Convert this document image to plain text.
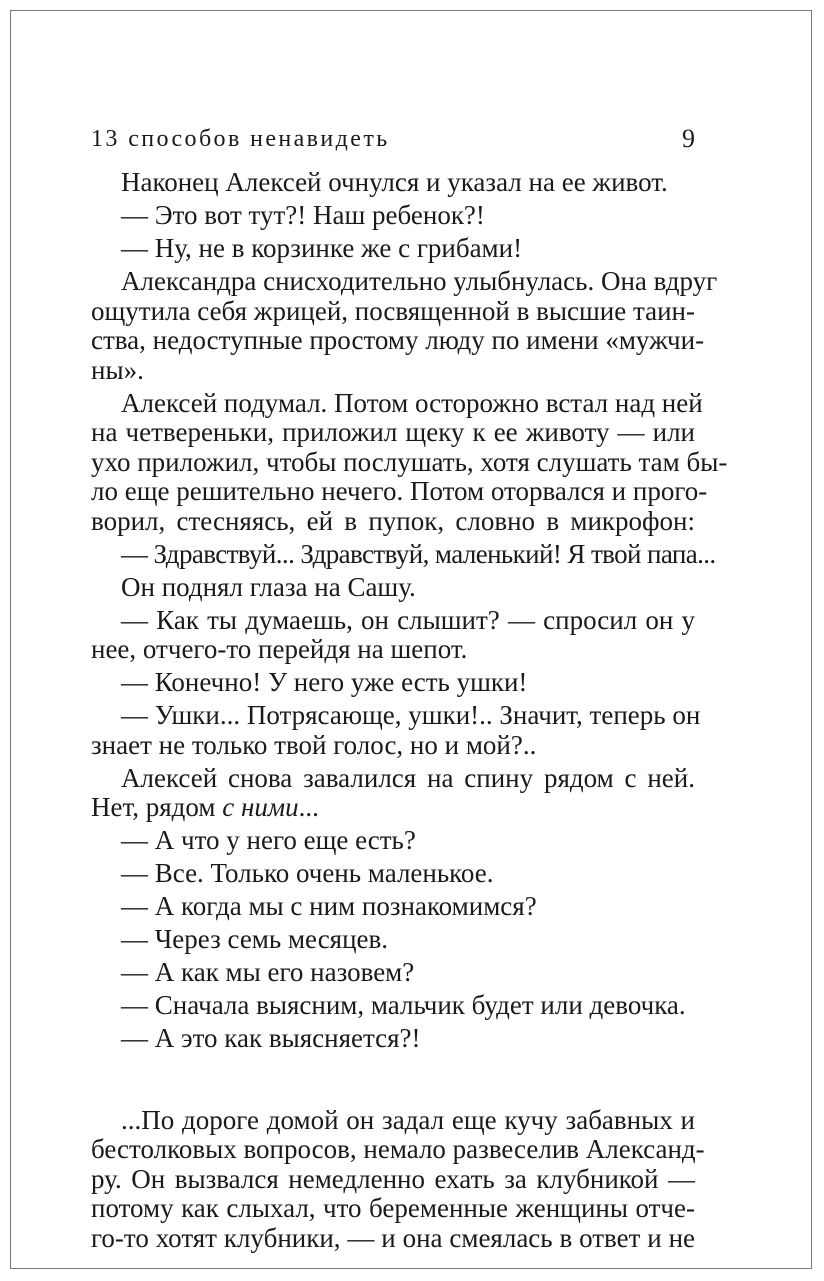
13 способов ненавидеть	9
Наконец Алексей очнулся и указал на ее живот.
— Это вот тут?! Наш ребенок?!
— Ну, не в корзинке же с грибами!
Александра снисходительно улыбнулась. Она вдруг
ощутила себя жрицей, посвященной в высшие таин-
ства, недоступные простому люду по имени «мужчи-
ны».
Алексей подумал. Потом осторожно встал над ней
на четвереньки, приложил щеку к ее животу — или
ухо приложил, чтобы послушать, хотя слушать там бы-
ло еще решительно нечего. Потом оторвался и прого-
ворил, стесняясь, ей в пупок, словно в микрофон:
— Здравствуй... Здравствуй, маленький! Я твой папа...
Он поднял глаза на Сашу.
— Как ты думаешь, он слышит? — спросил он у
нее, отчего-то перейдя на шепот.
— Конечно! У него уже есть ушки!
— Ушки... Потрясающе, ушки!.. Значит, теперь он
знает не только твой голос, но и мой?..
Алексей снова завалился на спину рядом с ней.
Нет, рядом с ними...
— А что у него еще есть?
— Все. Только очень маленькое.
— А когда мы с ним познакомимся?
— Через семь месяцев.
— А как мы его назовем?
— Сначала выясним, мальчик будет или девочка.
— А это как выясняется?!
...По дороге домой он задал еще кучу забавных и
бестолковых вопросов, немало развеселив Александ-
ру. Он вызвался немедленно ехать за клубникой —
потому как слыхал, что беременные женщины отче-
го-то хотят клубники, — и она смеялась в ответ и не
